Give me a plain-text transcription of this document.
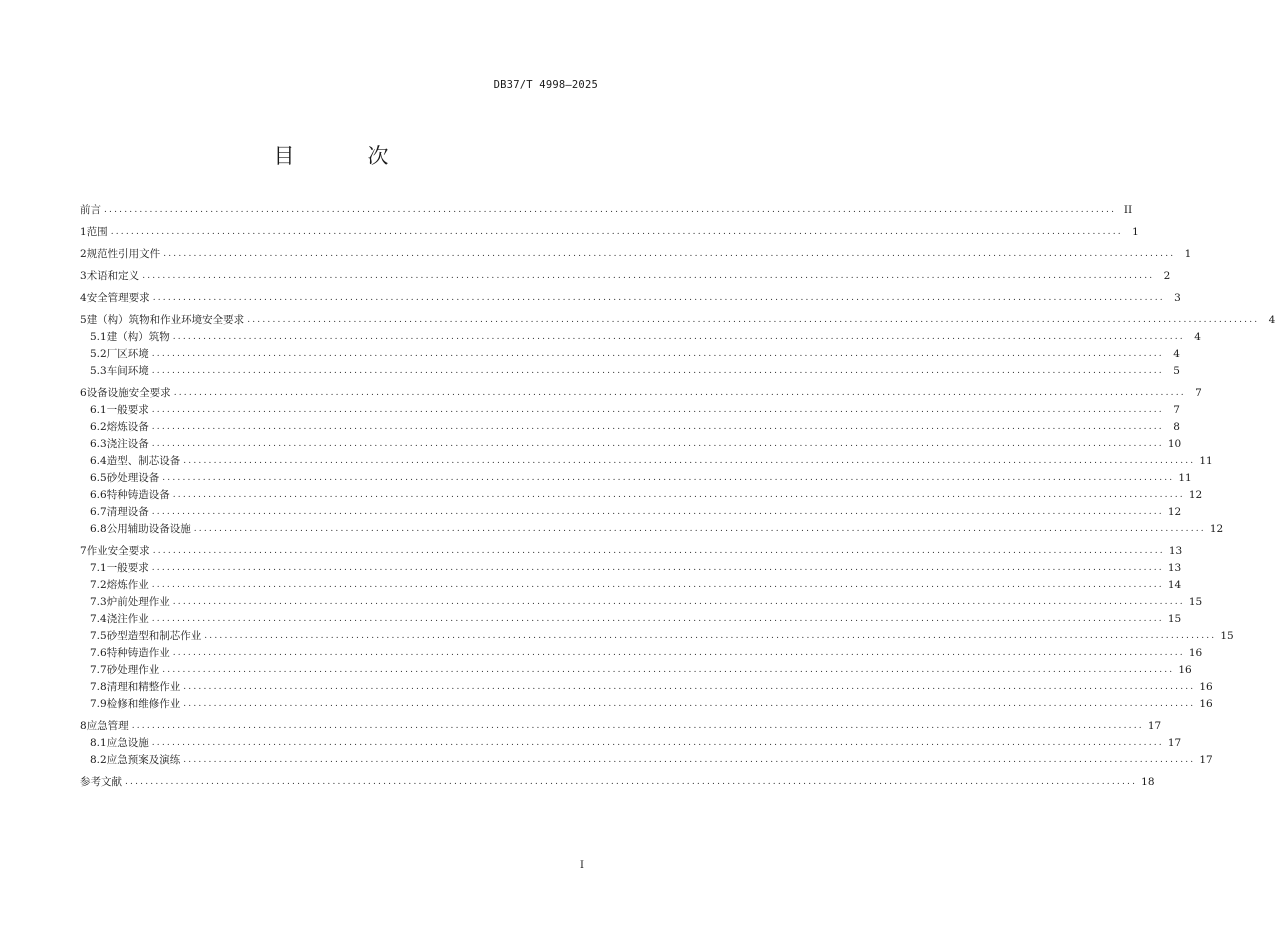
DB37/T 4998—2025
目　次
前言 ........................................................................................................................................................................................................ II
1 范围 ........................................................................................................................................................................................................ 1
2 规范性引用文件 ........................................................................................................................................................................................................ 1
3 术语和定义 ........................................................................................................................................................................................................ 2
4 安全管理要求 ........................................................................................................................................................................................................ 3
5 建（构）筑物和作业环境安全要求 ........................................................................................................................................................................................................ 4
5.1 建（构）筑物 ........................................................................................................................................................................................................ 4
5.2 厂区环境 ........................................................................................................................................................................................................ 4
5.3 车间环境 ........................................................................................................................................................................................................ 5
6 设备设施安全要求 ........................................................................................................................................................................................................ 7
6.1 一般要求 ........................................................................................................................................................................................................ 7
6.2 熔炼设备 ........................................................................................................................................................................................................ 8
6.3 浇注设备 ........................................................................................................................................................................................................ 10
6.4 造型、制芯设备 ........................................................................................................................................................................................................ 11
6.5 砂处理设备 ........................................................................................................................................................................................................ 11
6.6 特种铸造设备 ........................................................................................................................................................................................................ 12
6.7 清理设备 ........................................................................................................................................................................................................ 12
6.8 公用辅助设备设施 ........................................................................................................................................................................................................ 12
7 作业安全要求 ........................................................................................................................................................................................................ 13
7.1 一般要求 ........................................................................................................................................................................................................ 13
7.2 熔炼作业 ........................................................................................................................................................................................................ 14
7.3 炉前处理作业 ........................................................................................................................................................................................................ 15
7.4 浇注作业 ........................................................................................................................................................................................................ 15
7.5 砂型造型和制芯作业 ........................................................................................................................................................................................................ 15
7.6 特种铸造作业 ........................................................................................................................................................................................................ 16
7.7 砂处理作业 ........................................................................................................................................................................................................ 16
7.8 清理和精整作业 ........................................................................................................................................................................................................ 16
7.9 检修和维修作业 ........................................................................................................................................................................................................ 16
8 应急管理 ........................................................................................................................................................................................................ 17
8.1 应急设施 ........................................................................................................................................................................................................ 17
8.2 应急预案及演练 ........................................................................................................................................................................................................ 17
参考文献 ........................................................................................................................................................................................................ 18
I
